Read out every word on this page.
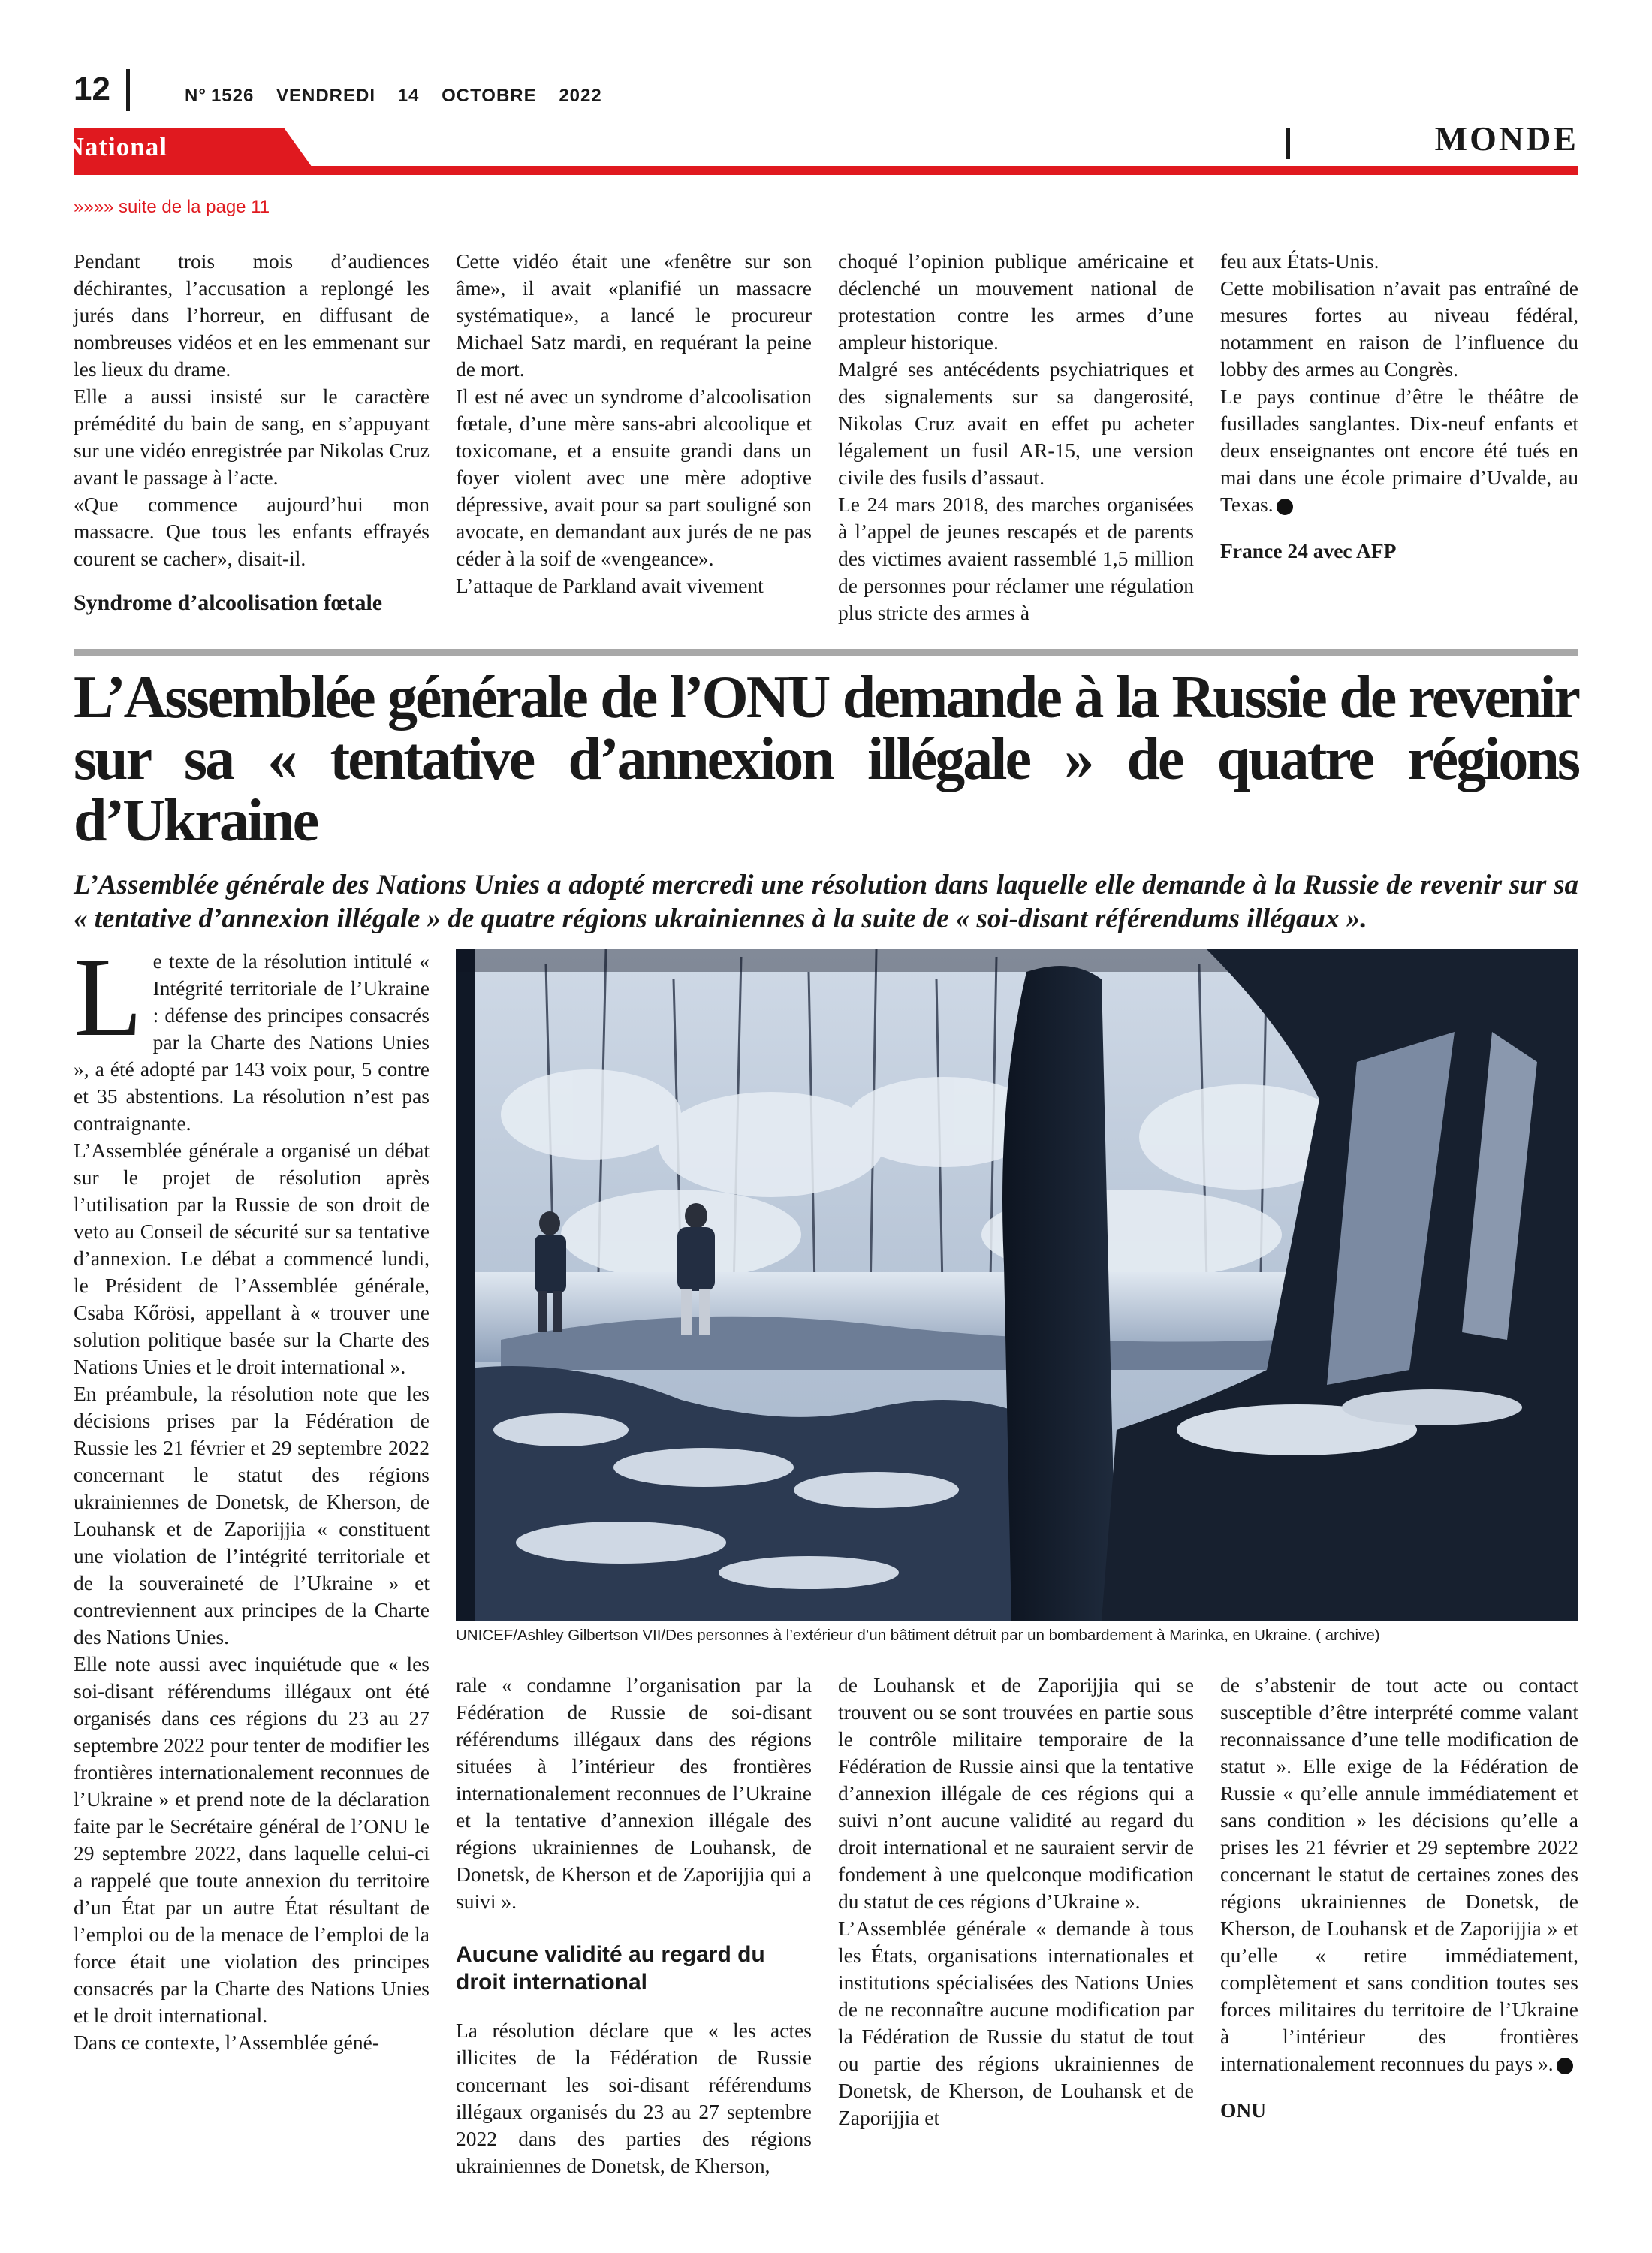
12	N° 1526 VENDREDI 14 OCTOBRE 2022
Le National	MONDE
»»»» suite de la page 11

Pendant trois mois d’audiences déchirantes, l’accusation a replongé les jurés dans l’horreur, en diffusant de nombreuses vidéos et en les emmenant sur les lieux du drame.

Elle a aussi insisté sur le caractère prémédité du bain de sang, en s’appuyant sur une vidéo enregistrée par Nikolas Cruz avant le passage à l’acte.

«Que commence aujourd’hui mon massacre. Que tous les enfants effrayés courent se cacher», disait-il.

Syndrome d’alcoolisation fœtale

Cette vidéo était une «fenêtre sur son âme», il avait «planifié un massacre systématique», a lancé le procureur Michael Satz mardi, en requérant la peine de mort.

Il est né avec un syndrome d’alcoolisation fœtale, d’une mère sans-abri alcoolique et toxicomane, et a ensuite grandi dans un foyer violent avec une mère adoptive dépressive, avait pour sa part souligné son avocate, en demandant aux jurés de ne pas céder à la soif de «vengeance».

L’attaque de Parkland avait vivement

choqué l’opinion publique américaine et déclenché un mouvement national de protestation contre les armes d’une ampleur historique.

Malgré ses antécédents psychiatriques et des signalements sur sa dangerosité, Nikolas Cruz avait en effet pu acheter légalement un fusil AR-15, une version civile des fusils d’assaut.

Le 24 mars 2018, des marches organisées à l’appel de jeunes rescapés et de parents des victimes avaient rassemblé 1,5 million de personnes pour réclamer une régulation plus stricte des armes à

feu aux États-Unis.

Cette mobilisation n’avait pas entraîné de mesures fortes au niveau fédéral, notamment en raison de l’influence du lobby des armes au Congrès.

Le pays continue d’être le théâtre de fusillades sanglantes. Dix-neuf enfants et deux enseignantes ont encore été tués en mai dans une école primaire d’Uvalde, au Texas.

France 24 avec AFP

L’Assemblée générale de l’ONU demande à la Russie de revenir sur sa « tentative d’annexion illégale » de quatre régions d’Ukraine

L’Assemblée générale des Nations Unies a adopté mercredi une résolution dans laquelle elle demande à la Russie de revenir sur sa « tentative d’annexion illégale » de quatre régions ukrainiennes à la suite de « soi-disant référendums illégaux ».

Le texte de la résolution intitulé « Intégrité territoriale de l’Ukraine : défense des principes consacrés par la Charte des Nations Unies », a été adopté par 143 voix pour, 5 contre et 35 abstentions. La résolution n’est pas contraignante.

L’Assemblée générale a organisé un débat sur le projet de résolution après l’utilisation par la Russie de son droit de veto au Conseil de sécurité sur sa tentative d’annexion. Le débat a commencé lundi, le Président de l’Assemblée générale, Csaba Kőrösi, appellant à « trouver une solution politique basée sur la Charte des Nations Unies et le droit international ».

En préambule, la résolution note que les décisions prises par la Fédération de Russie les 21 février et 29 septembre 2022 concernant le statut des régions ukrainiennes de Donetsk, de Kherson, de Louhansk et de Zaporijjia « constituent une violation de l’intégrité territoriale et de la souveraineté de l’Ukraine » et contreviennent aux principes de la Charte des Nations Unies.

Elle note aussi avec inquiétude que « les soi-disant référendums illégaux ont été organisés dans ces régions du 23 au 27 septembre 2022 pour tenter de modifier les frontières internationalement reconnues de l’Ukraine » et prend note de la déclaration faite par le Secrétaire général de l’ONU le 29 septembre 2022, dans laquelle celui-ci a rappelé que toute annexion du territoire d’un État par un autre État résultant de l’emploi ou de la menace de l’emploi de la force était une violation des principes consacrés par la Charte des Nations Unies et le droit international.

Dans ce contexte, l’Assemblée géné-

UNICEF/Ashley Gilbertson VII/Des personnes à l’extérieur d’un bâtiment détruit par un bombardement à Marinka, en Ukraine. ( archive)

rale « condamne l’organisation par la Fédération de Russie de soi-disant référendums illégaux dans des régions situées à l’intérieur des frontières internationalement reconnues de l’Ukraine et la tentative d’annexion illégale des régions ukrainiennes de Louhansk, de Donetsk, de Kherson et de Zaporijjia qui a suivi ».

Aucune validité au regard du droit international

La résolution déclare que « les actes illicites de la Fédération de Russie concernant les soi-disant référendums illégaux organisés du 23 au 27 septembre 2022 dans des parties des régions ukrainiennes de Donetsk, de Kherson,

de Louhansk et de Zaporijjia qui se trouvent ou se sont trouvées en partie sous le contrôle militaire temporaire de la Fédération de Russie ainsi que la tentative d’annexion illégale de ces régions qui a suivi n’ont aucune validité au regard du droit international et ne sauraient servir de fondement à une quelconque modification du statut de ces régions d’Ukraine ».

L’Assemblée générale « demande à tous les États, organisations internationales et institutions spécialisées des Nations Unies de ne reconnaître aucune modification par la Fédération de Russie du statut de tout ou partie des régions ukrainiennes de Donetsk, de Kherson, de Louhansk et de Zaporijjia et

de s’abstenir de tout acte ou contact susceptible d’être interprété comme valant reconnaissance d’une telle modification de statut ». Elle exige de la Fédération de Russie « qu’elle annule immédiatement et sans condition » les décisions qu’elle a prises les 21 février et 29 septembre 2022 concernant le statut de certaines zones des régions ukrainiennes de Donetsk, de Kherson, de Louhansk et de Zaporijjia » et qu’elle « retire immédiatement, complètement et sans condition toutes ses forces militaires du territoire de l’Ukraine à l’intérieur des frontières internationalement reconnues du pays ».

ONU
